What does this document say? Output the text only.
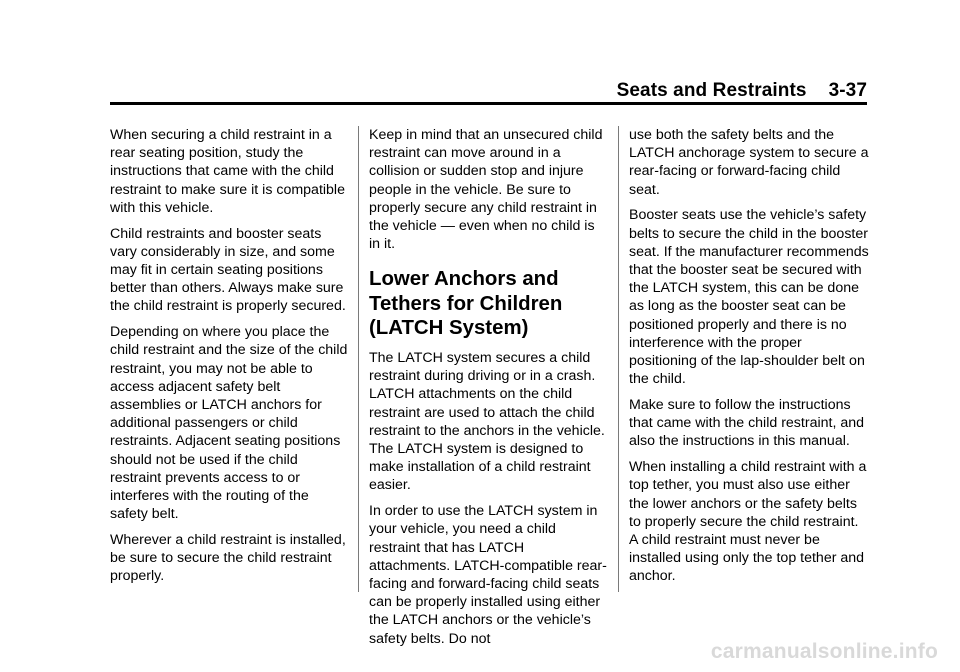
Seats and Restraints 3-37

When securing a child restraint in a rear seating position, study the instructions that came with the child restraint to make sure it is compatible with this vehicle.

Child restraints and booster seats vary considerably in size, and some may fit in certain seating positions better than others. Always make sure the child restraint is properly secured.

Depending on where you place the child restraint and the size of the child restraint, you may not be able to access adjacent safety belt assemblies or LATCH anchors for additional passengers or child restraints. Adjacent seating positions should not be used if the child restraint prevents access to or interferes with the routing of the safety belt.

Wherever a child restraint is installed, be sure to secure the child restraint properly.

Keep in mind that an unsecured child restraint can move around in a collision or sudden stop and injure people in the vehicle. Be sure to properly secure any child restraint in the vehicle — even when no child is in it.

Lower Anchors and Tethers for Children (LATCH System)

The LATCH system secures a child restraint during driving or in a crash. LATCH attachments on the child restraint are used to attach the child restraint to the anchors in the vehicle. The LATCH system is designed to make installation of a child restraint easier.

In order to use the LATCH system in your vehicle, you need a child restraint that has LATCH attachments. LATCH-compatible rear-facing and forward-facing child seats can be properly installed using either the LATCH anchors or the vehicle’s safety belts. Do not

use both the safety belts and the LATCH anchorage system to secure a rear-facing or forward-facing child seat.

Booster seats use the vehicle’s safety belts to secure the child in the booster seat. If the manufacturer recommends that the booster seat be secured with the LATCH system, this can be done as long as the booster seat can be positioned properly and there is no interference with the proper positioning of the lap-shoulder belt on the child.

Make sure to follow the instructions that came with the child restraint, and also the instructions in this manual.

When installing a child restraint with a top tether, you must also use either the lower anchors or the safety belts to properly secure the child restraint. A child restraint must never be installed using only the top tether and anchor.

carmanualsonline.info
